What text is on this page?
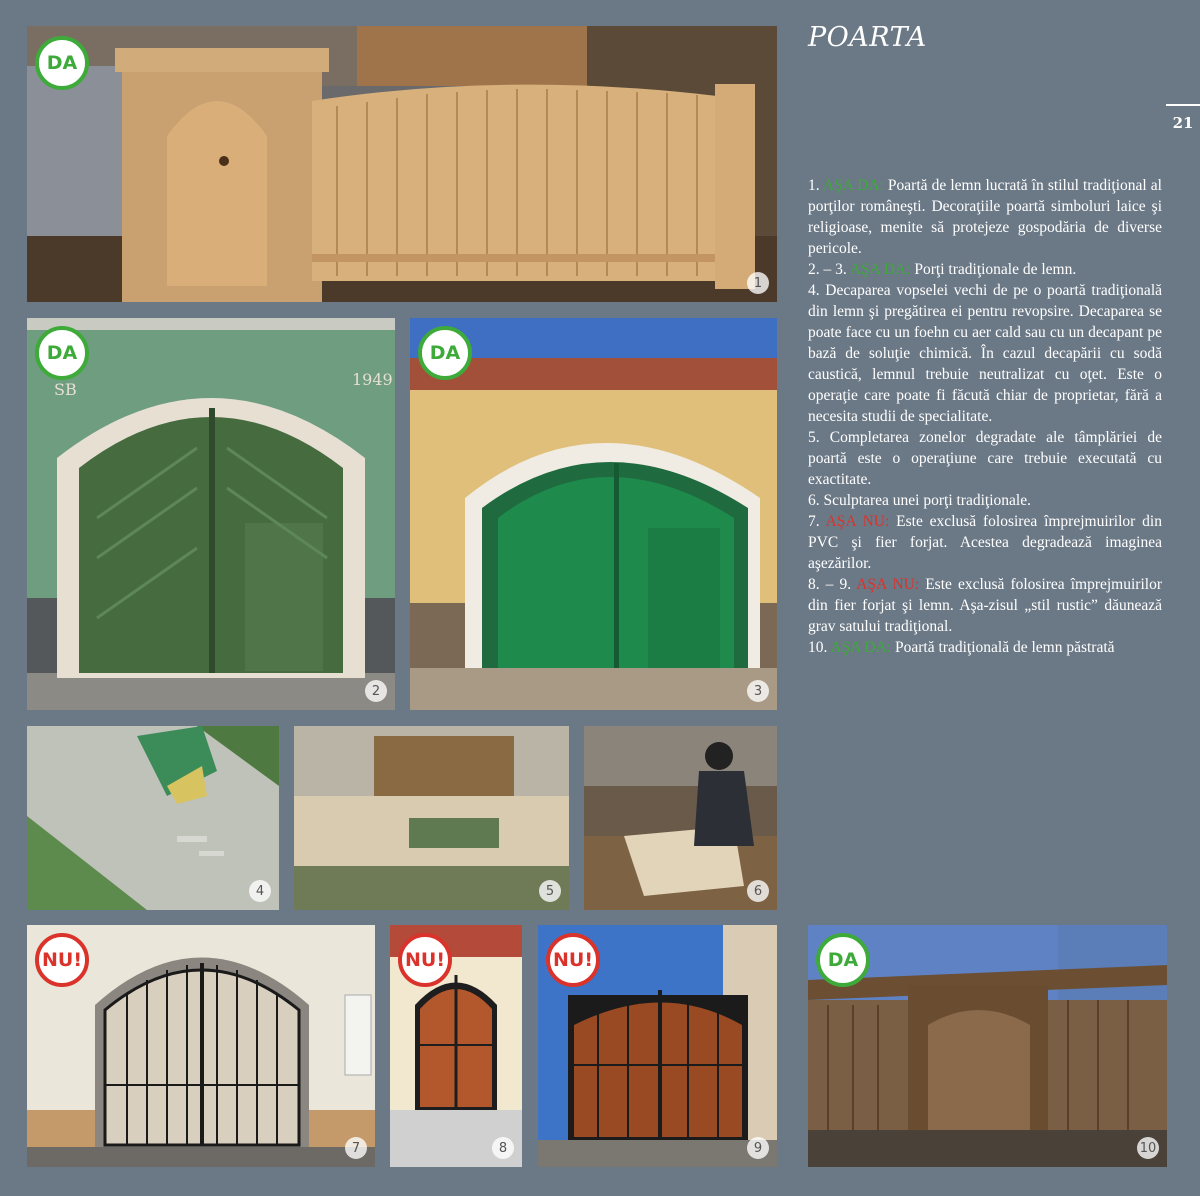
DA
1
SB
1949
DA
2
DA
3
4	5	6
NU!
7
NU!
8
NU!
9
DA
10
POARTA
21

1. AŞA DA: Poartă de lemn lucrată în stilul tradiţional al porţilor româneşti. Decoraţiile poartă simboluri laice şi religioase, menite să protejeze gospodăria de diverse pericole.

2. – 3. AŞA DA: Porţi tradiţionale de lemn.

4. Decaparea vopselei vechi de pe o poartă tradiţională din lemn şi pregătirea ei pentru revopsire. Decaparea se poate face cu un foehn cu aer cald sau cu un decapant pe bază de soluţie chimică. În cazul decapării cu sodă caustică, lemnul trebuie neutralizat cu oţet. Este o operaţie care poate fi făcută chiar de proprietar, fără a necesita studii de specialitate.

5. Completarea zonelor degradate ale tâmplăriei de poartă este o operaţiune care trebuie executată cu exactitate.

6. Sculptarea unei porţi tradiţionale.

7. AŞA NU: Este exclusă folosirea împrejmuirilor din PVC şi fier forjat. Acestea degradează imaginea aşezărilor.

8. – 9. AŞA NU: Este exclusă folosirea împrejmuirilor din fier forjat şi lemn. Aşa-zisul „stil rustic” dăunează grav satului tradiţional.

10. AŞA DA: Poartă tradiţională de lemn păstrată
